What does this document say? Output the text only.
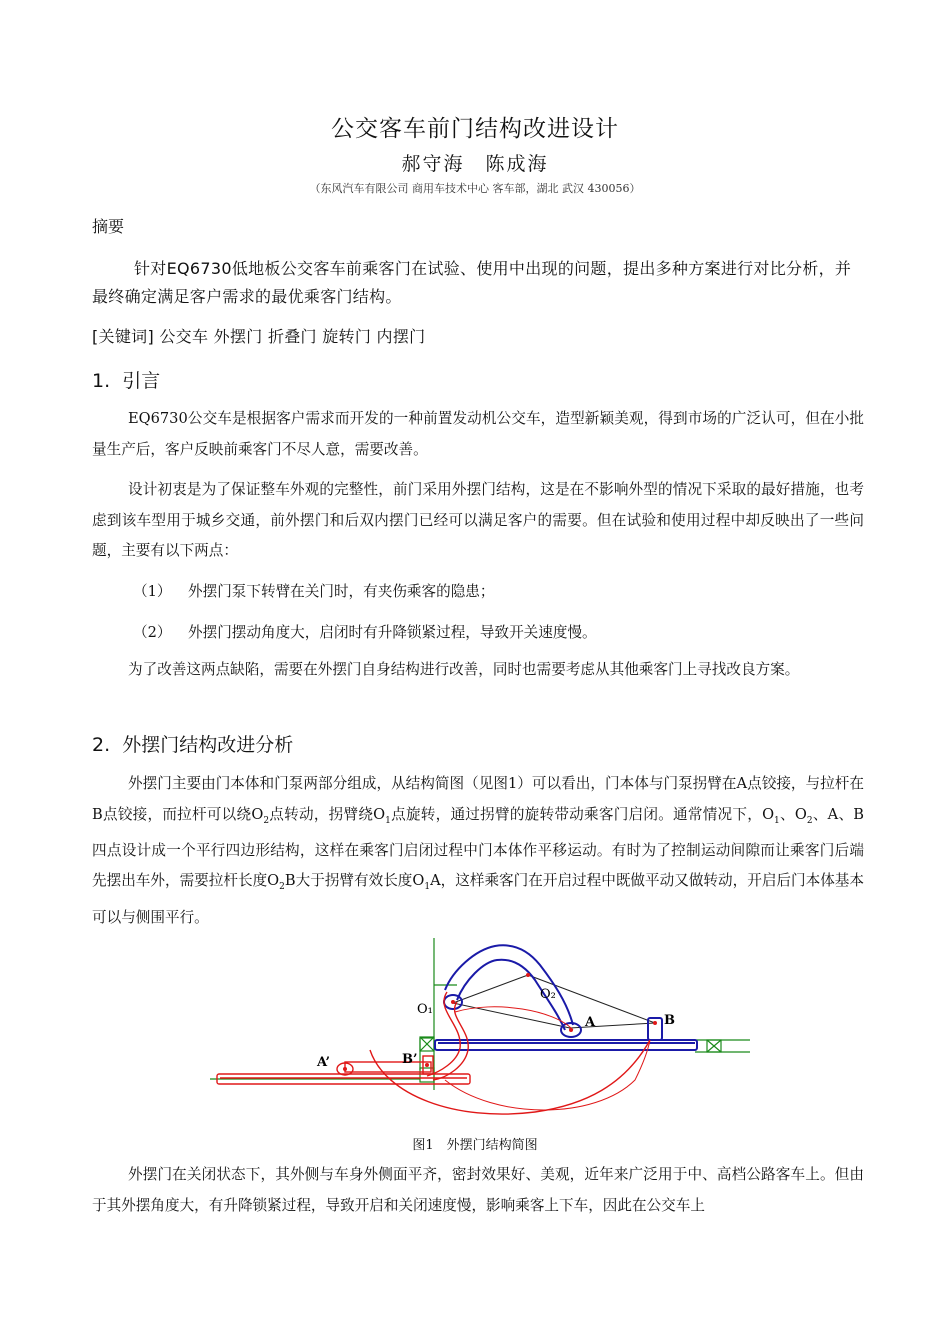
公交客车前门结构改进设计
郝守海　陈成海
（东风汽车有限公司 商用车技术中心 客车部，湖北 武汉 430056）
摘要
针对EQ6730低地板公交客车前乘客门在试验、使用中出现的问题，提出多种方案进行对比分析，并最终确定满足客户需求的最优乘客门结构。
[关键词] 公交车 外摆门 折叠门 旋转门 内摆门
1. 引言
EQ6730公交车是根据客户需求而开发的一种前置发动机公交车，造型新颖美观，得到市场的广泛认可，但在小批量生产后，客户反映前乘客门不尽人意，需要改善。
设计初衷是为了保证整车外观的完整性，前门采用外摆门结构，这是在不影响外型的情况下采取的最好措施，也考虑到该车型用于城乡交通，前外摆门和后双内摆门已经可以满足客户的需要。但在试验和使用过程中却反映出了一些问题，主要有以下两点：
（1） 外摆门泵下转臂在关门时，有夹伤乘客的隐患；
（2） 外摆门摆动角度大，启闭时有升降锁紧过程，导致开关速度慢。
为了改善这两点缺陷，需要在外摆门自身结构进行改善，同时也需要考虑从其他乘客门上寻找改良方案。
2. 外摆门结构改进分析
外摆门主要由门本体和门泵两部分组成，从结构简图（见图1）可以看出，门本体与门泵拐臂在A点铰接，与拉杆在B点铰接，而拉杆可以绕$O_2$点转动，拐臂绕$O_1$点旋转，通过拐臂的旋转带动乘客门启闭。通常情况下，$O_1$、$O_2$、A、B四点设计成一个平行四边形结构，这样在乘客门启闭过程中门本体作平移运动。有时为了控制运动间隙而让乘客门后端先摆出车外，需要拉杆长度$O_2B$大于拐臂有效长度$O_1A$，这样乘客门在开启过程中既做平动又做转动，开启后门本体基本可以与侧围平行。
O₁
O₂
A	B
A’	B’
图1　外摆门结构简图
外摆门在关闭状态下，其外侧与车身外侧面平齐，密封效果好、美观，近年来广泛用于中、高档公路客车上。但由于其外摆角度大，有升降锁紧过程，导致开启和关闭速度慢，影响乘客上下车，因此在公交车上
